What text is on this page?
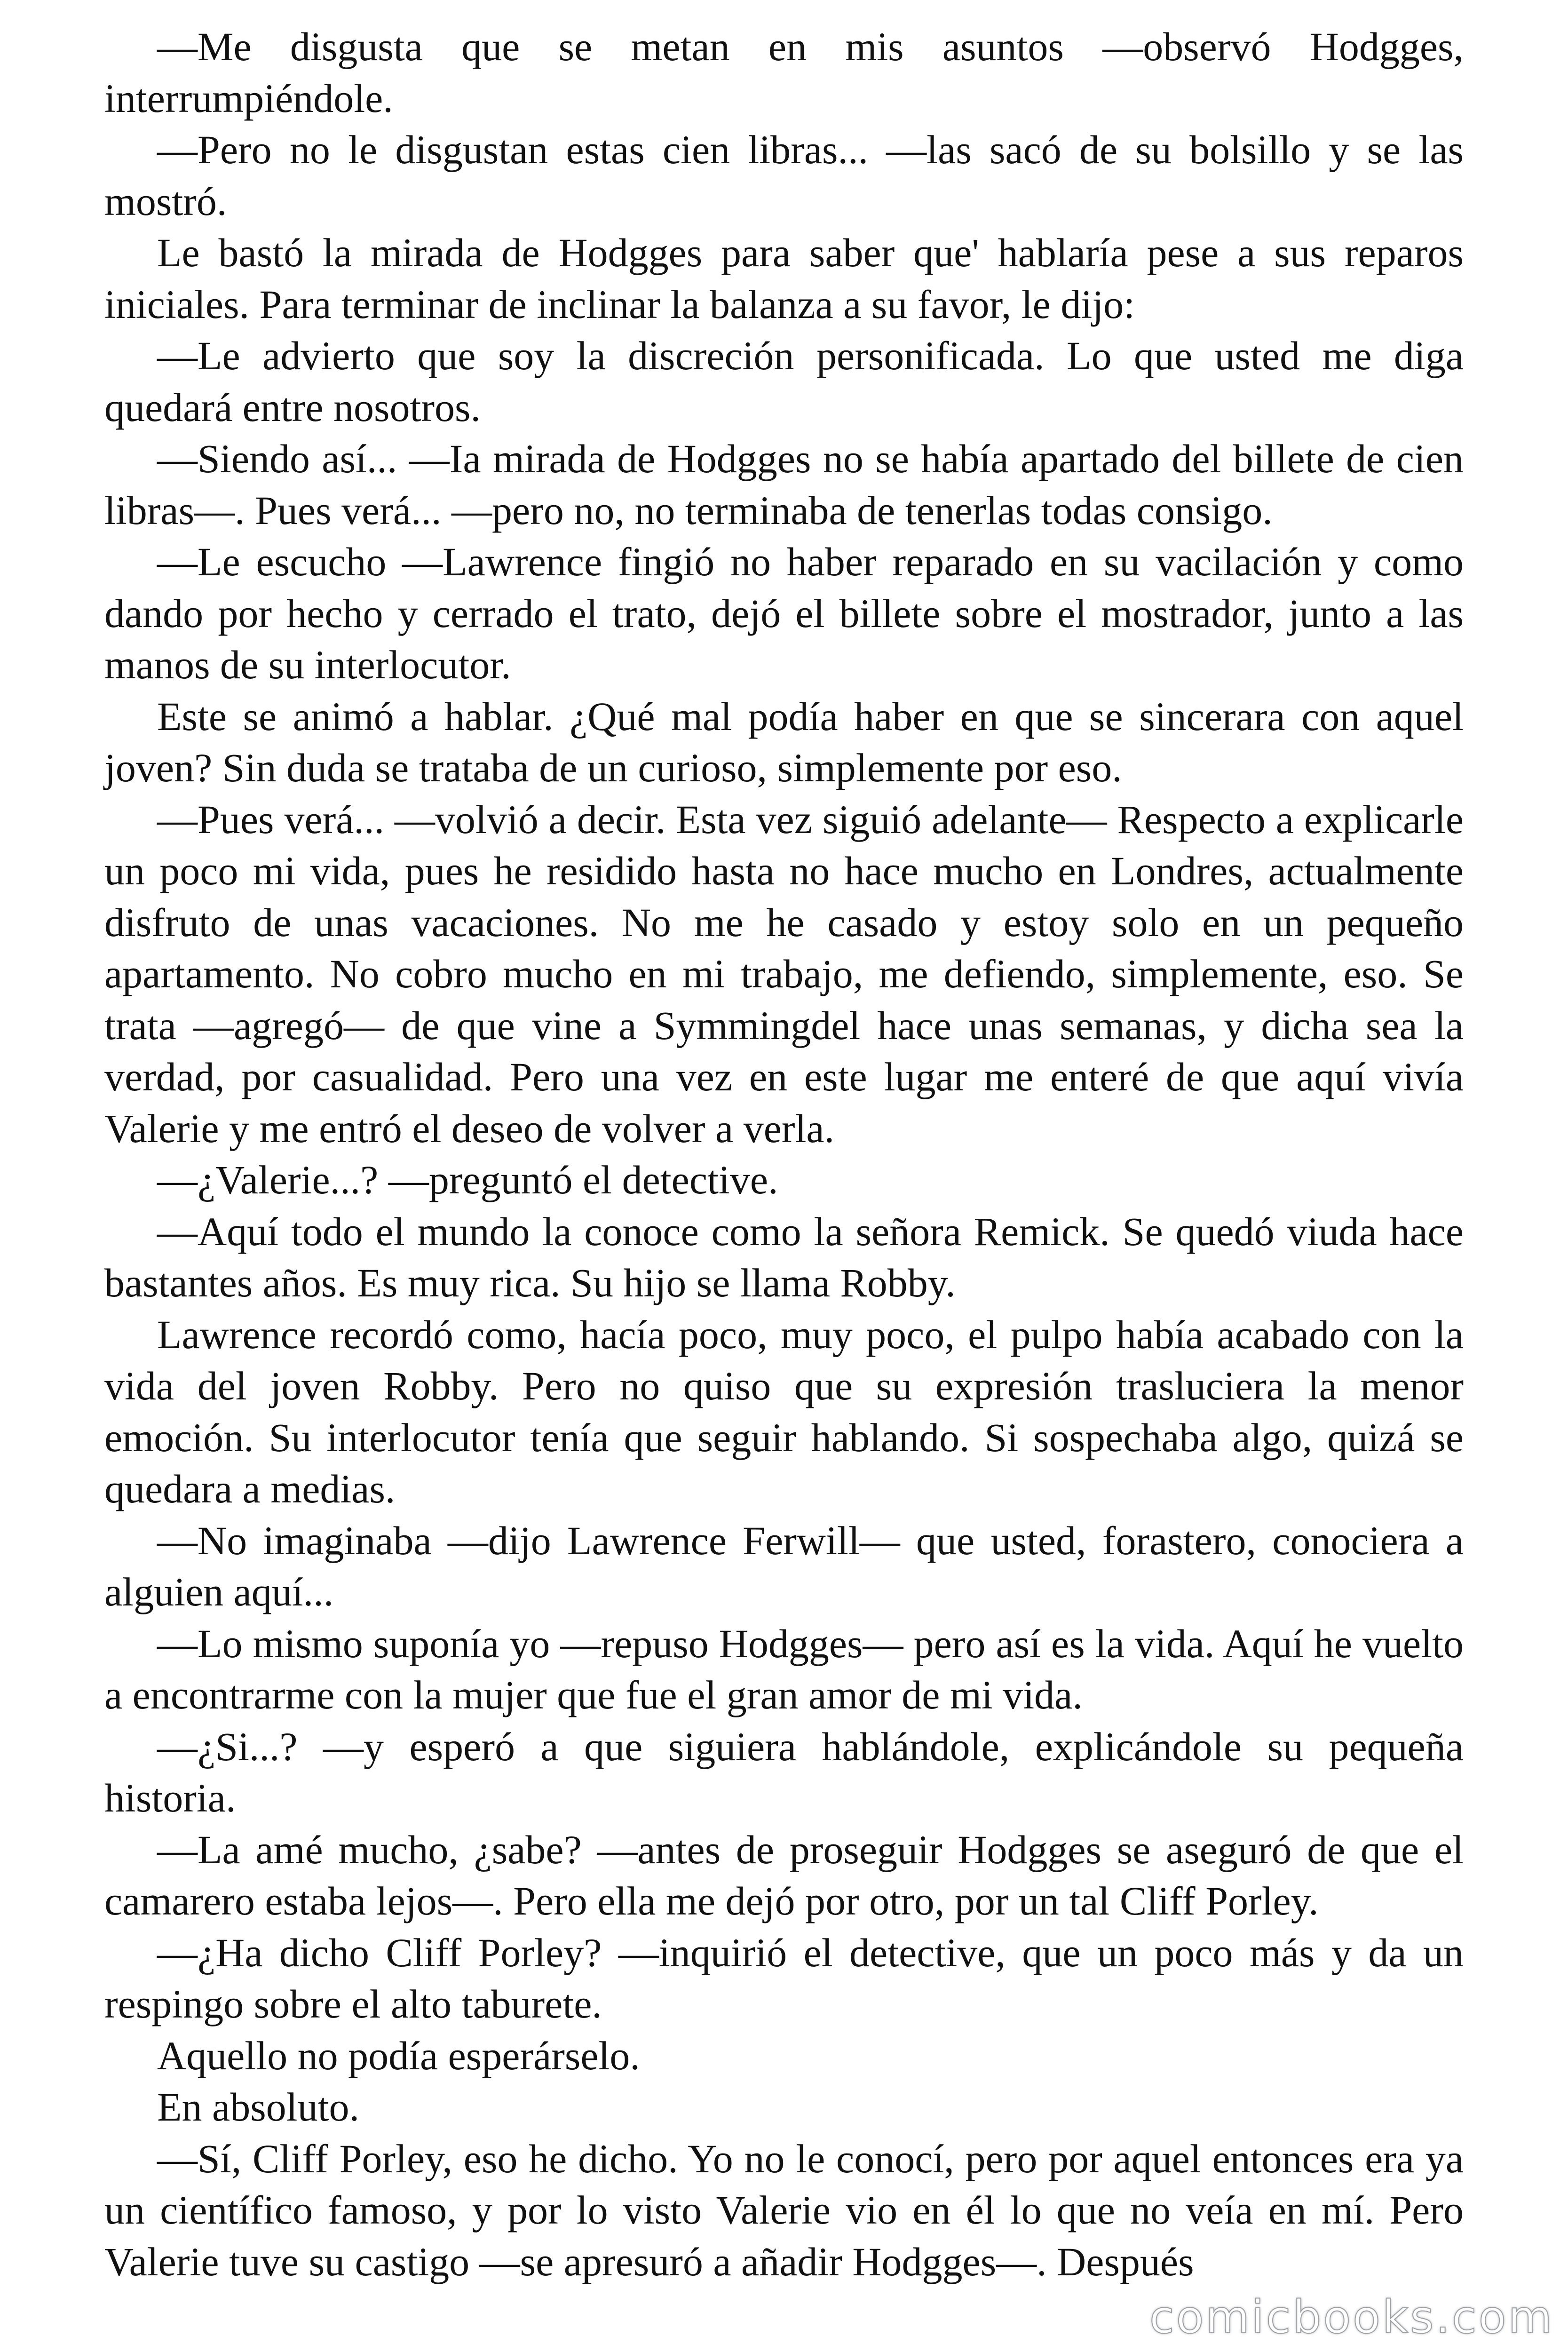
—Me disgusta que se metan en mis asuntos —observó Hodgges, interrumpiéndole.

—Pero no le disgustan estas cien libras... —las sacó de su bolsillo y se las mostró.

Le bastó la mirada de Hodgges para saber que' hablaría pese a sus reparos iniciales. Para terminar de inclinar la balanza a su favor, le dijo:

—Le advierto que soy la discreción personificada. Lo que usted me diga quedará entre nosotros.

—Siendo así... —Ia mirada de Hodgges no se había apartado del billete de cien libras—. Pues verá... —pero no, no terminaba de tenerlas todas consigo.

—Le escucho —Lawrence fingió no haber reparado en su vacilación y como dando por hecho y cerrado el trato, dejó el billete sobre el mostrador, junto a las manos de su interlocutor.

Este se animó a hablar. ¿Qué mal podía haber en que se sincerara con aquel joven? Sin duda se trataba de un curioso, simplemente por eso.

—Pues verá... —volvió a decir. Esta vez siguió adelante— Respecto a explicarle un poco mi vida, pues he residido hasta no hace mucho en Londres, actualmente disfruto de unas vacaciones. No me he casado y estoy solo en un pequeño apartamento. No cobro mucho en mi trabajo, me defiendo, simplemente, eso. Se trata —agregó— de que vine a Symmingdel hace unas semanas, y dicha sea la verdad, por casualidad. Pero una vez en este lugar me enteré de que aquí vivía Valerie y me entró el deseo de volver a verla.

—¿Valerie...? —preguntó el detective.

—Aquí todo el mundo la conoce como la señora Remick. Se quedó viuda hace bastantes años. Es muy rica. Su hijo se llama Robby.

Lawrence recordó como, hacía poco, muy poco, el pulpo había acabado con la vida del joven Robby. Pero no quiso que su expresión trasluciera la menor emoción. Su interlocutor tenía que seguir hablando. Si sospechaba algo, quizá se quedara a medias.

—No imaginaba —dijo Lawrence Ferwill— que usted, forastero, conociera a alguien aquí...

—Lo mismo suponía yo —repuso Hodgges— pero así es la vida. Aquí he vuelto a encontrarme con la mujer que fue el gran amor de mi vida.

—¿Si...? —y esperó a que siguiera hablándole, explicándole su pequeña historia.

—La amé mucho, ¿sabe? —antes de proseguir Hodgges se aseguró de que el camarero estaba lejos—. Pero ella me dejó por otro, por un tal Cliff Porley.

—¿Ha dicho Cliff Porley? —inquirió el detective, que un poco más y da un respingo sobre el alto taburete.

Aquello no podía esperárselo.

En absoluto.

—Sí, Cliff Porley, eso he dicho. Yo no le conocí, pero por aquel entonces era ya un científico famoso, y por lo visto Valerie vio en él lo que no veía en mí. Pero Valerie tuve su castigo —se apresuró a añadir Hodgges—. Después

comicbooks.com
